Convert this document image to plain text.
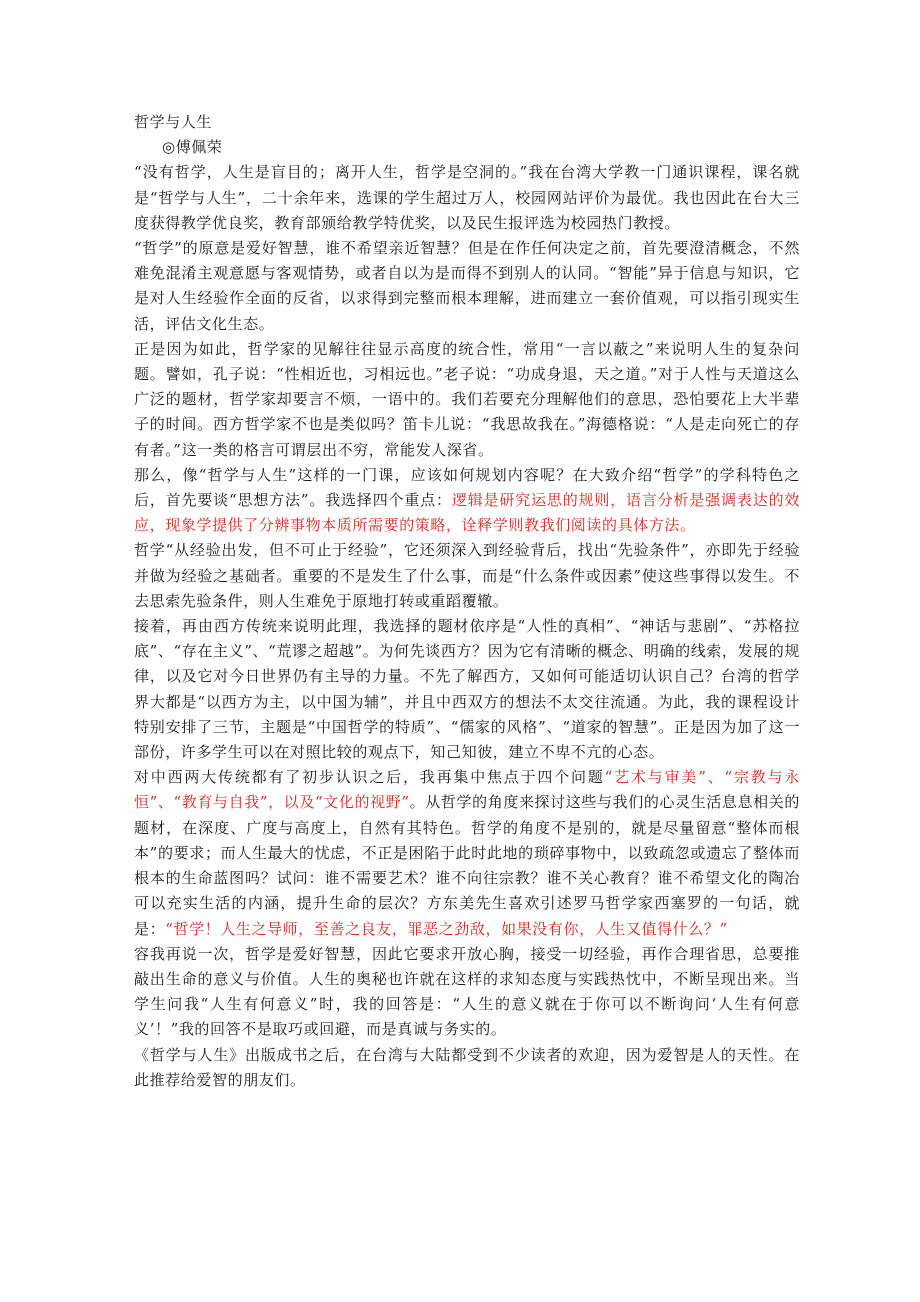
哲学与人生

◎傅佩荣

“没有哲学，人生是盲目的；离开人生，哲学是空洞的。”我在台湾大学教一门通识课程，课名就是“哲学与人生”，二十余年来，选课的学生超过万人，校园网站评价为最优。我也因此在台大三度获得教学优良奖，教育部颁给教学特优奖，以及民生报评选为校园热门教授。

“哲学”的原意是爱好智慧，谁不希望亲近智慧？但是在作任何决定之前，首先要澄清概念，不然难免混淆主观意愿与客观情势，或者自以为是而得不到别人的认同。“智能”异于信息与知识，它是对人生经验作全面的反省，以求得到完整而根本理解，进而建立一套价值观，可以指引现实生活，评估文化生态。

正是因为如此，哲学家的见解往往显示高度的统合性，常用“一言以蔽之”来说明人生的复杂问题。譬如，孔子说：“性相近也，习相远也。”老子说：“功成身退，天之道。”对于人性与天道这么广泛的题材，哲学家却要言不烦，一语中的。我们若要充分理解他们的意思，恐怕要花上大半辈子的时间。西方哲学家不也是类似吗？笛卡儿说：“我思故我在。”海德格说：“人是走向死亡的存有者。”这一类的格言可谓层出不穷，常能发人深省。

那么，像“哲学与人生”这样的一门课，应该如何规划内容呢？在大致介绍“哲学”的学科特色之后，首先要谈“思想方法”。我选择四个重点：逻辑是研究运思的规则，语言分析是强调表达的效应，现象学提供了分辨事物本质所需要的策略，诠释学则教我们阅读的具体方法。

哲学“从经验出发，但不可止于经验”，它还须深入到经验背后，找出“先验条件”，亦即先于经验并做为经验之基础者。重要的不是发生了什么事，而是“什么条件或因素”使这些事得以发生。不去思索先验条件，则人生难免于原地打转或重蹈覆辙。

接着，再由西方传统来说明此理，我选择的题材依序是“人性的真相”、“神话与悲剧”、“苏格拉底”、“存在主义”、“荒谬之超越”。为何先谈西方？因为它有清晰的概念、明确的线索，发展的规律，以及它对今日世界仍有主导的力量。不先了解西方，又如何可能适切认识自己？台湾的哲学界大都是“以西方为主，以中国为辅”，并且中西双方的想法不太交往流通。为此，我的课程设计特别安排了三节，主题是“中国哲学的特质”、“儒家的风格”、“道家的智慧”。正是因为加了这一部份，许多学生可以在对照比较的观点下，知己知彼，建立不卑不亢的心态。

对中西两大传统都有了初步认识之后，我再集中焦点于四个问题“艺术与审美”、“宗教与永恒”、“教育与自我”，以及“文化的视野”。从哲学的角度来探讨这些与我们的心灵生活息息相关的题材，在深度、广度与高度上，自然有其特色。哲学的角度不是别的，就是尽量留意“整体而根本”的要求；而人生最大的忧虑，不正是困陷于此时此地的琐碎事物中，以致疏忽或遗忘了整体而根本的生命蓝图吗？试问：谁不需要艺术？谁不向往宗教？谁不关心教育？谁不希望文化的陶冶可以充实生活的内涵，提升生命的层次？方东美先生喜欢引述罗马哲学家西塞罗的一句话，就是：“哲学！人生之导师，至善之良友，罪恶之劲敌，如果没有你，人生又值得什么？”

容我再说一次，哲学是爱好智慧，因此它要求开放心胸，接受一切经验，再作合理省思，总要推敲出生命的意义与价值。人生的奥秘也许就在这样的求知态度与实践热忱中，不断呈现出来。当学生问我“人生有何意义”时，我的回答是：“人生的意义就在于你可以不断询问‘人生有何意义’！”我的回答不是取巧或回避，而是真诚与务实的。

《哲学与人生》出版成书之后，在台湾与大陆都受到不少读者的欢迎，因为爱智是人的天性。在此推荐给爱智的朋友们。
